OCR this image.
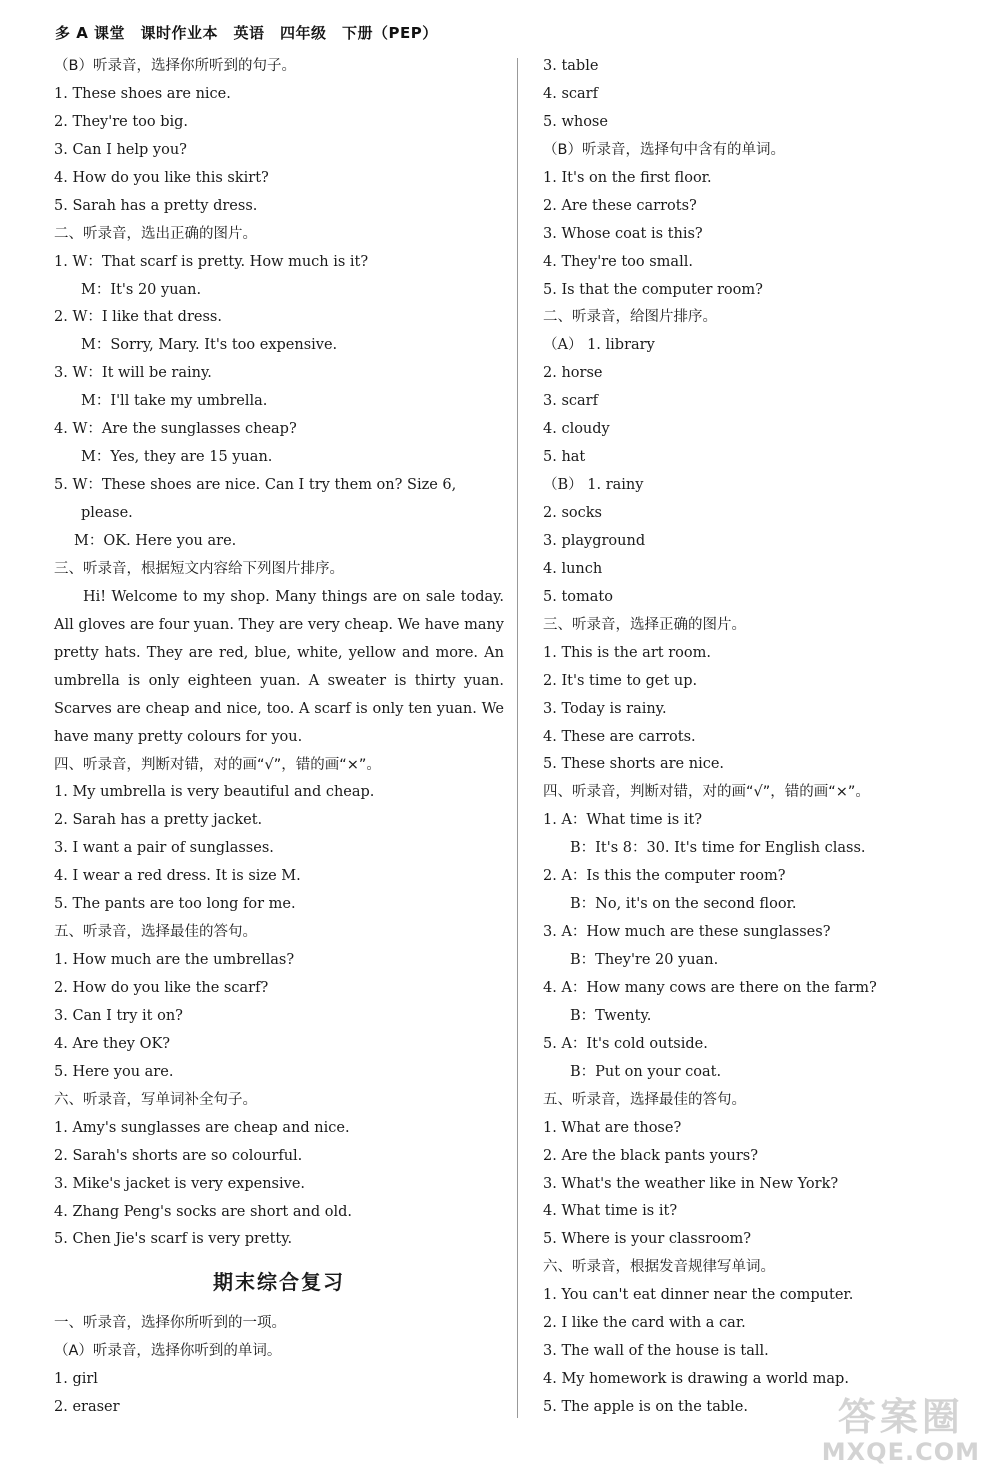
多 A 课堂　课时作业本　英语　四年级　下册（PEP）
（B）听录音，选择你所听到的句子。
1. These shoes are nice.
2. They're too big.
3. Can I help you?
4. How do you like this skirt?
5. Sarah has a pretty dress.
二、听录音，选出正确的图片。
1. W：That scarf is pretty. How much is it?
M：It's 20 yuan.
2. W：I like that dress.
M：Sorry, Mary. It's too expensive.
3. W：It will be rainy.
M：I'll take my umbrella.
4. W：Are the sunglasses cheap?
M：Yes, they are 15 yuan.
5. W：These shoes are nice. Can I try them on? Size 6,
please.
M：OK. Here you are.
三、听录音，根据短文内容给下列图片排序。

Hi! Welcome to my shop. Many things are on sale today. All gloves are four yuan. They are very cheap. We have many pretty hats. They are red, blue, white, yellow and more. An umbrella is only eighteen yuan. A sweater is thirty yuan. Scarves are cheap and nice, too. A scarf is only ten yuan. We have many pretty colours for you.

四、听录音，判断对错，对的画“√”，错的画“×”。
1. My umbrella is very beautiful and cheap.
2. Sarah has a pretty jacket.
3. I want a pair of sunglasses.
4. I wear a red dress. It is size M.
5. The pants are too long for me.
五、听录音，选择最佳的答句。
1. How much are the umbrellas?
2. How do you like the scarf?
3. Can I try it on?
4. Are they OK?
5. Here you are.
六、听录音，写单词补全句子。
1. Amy's sunglasses are cheap and nice.
2. Sarah's shorts are so colourful.
3. Mike's jacket is very expensive.
4. Zhang Peng's socks are short and old.
5. Chen Jie's scarf is very pretty.
期末综合复习
一、听录音，选择你所听到的一项。
（A）听录音，选择你听到的单词。
1. girl
2. eraser
3. table
4. scarf
5. whose
（B）听录音，选择句中含有的单词。
1. It's on the first floor.
2. Are these carrots?
3. Whose coat is this?
4. They're too small.
5. Is that the computer room?
二、听录音，给图片排序。
（A） 1. library
2. horse
3. scarf
4. cloudy
5. hat
（B） 1. rainy
2. socks
3. playground
4. lunch
5. tomato
三、听录音，选择正确的图片。
1. This is the art room.
2. It's time to get up.
3. Today is rainy.
4. These are carrots.
5. These shorts are nice.
四、听录音，判断对错，对的画“√”，错的画“×”。
1. A：What time is it?
B：It's 8：30. It's time for English class.
2. A：Is this the computer room?
B：No, it's on the second floor.
3. A：How much are these sunglasses?
B：They're 20 yuan.
4. A：How many cows are there on the farm?
B：Twenty.
5. A：It's cold outside.
B：Put on your coat.
五、听录音，选择最佳的答句。
1. What are those?
2. Are the black pants yours?
3. What's the weather like in New York?
4. What time is it?
5. Where is your classroom?
六、听录音，根据发音规律写单词。
1. You can't eat dinner near the computer.
2. I like the card with a car.
3. The wall of the house is tall.
4. My homework is drawing a world map.
5. The apple is on the table.	答案圈
MXQE.COM
